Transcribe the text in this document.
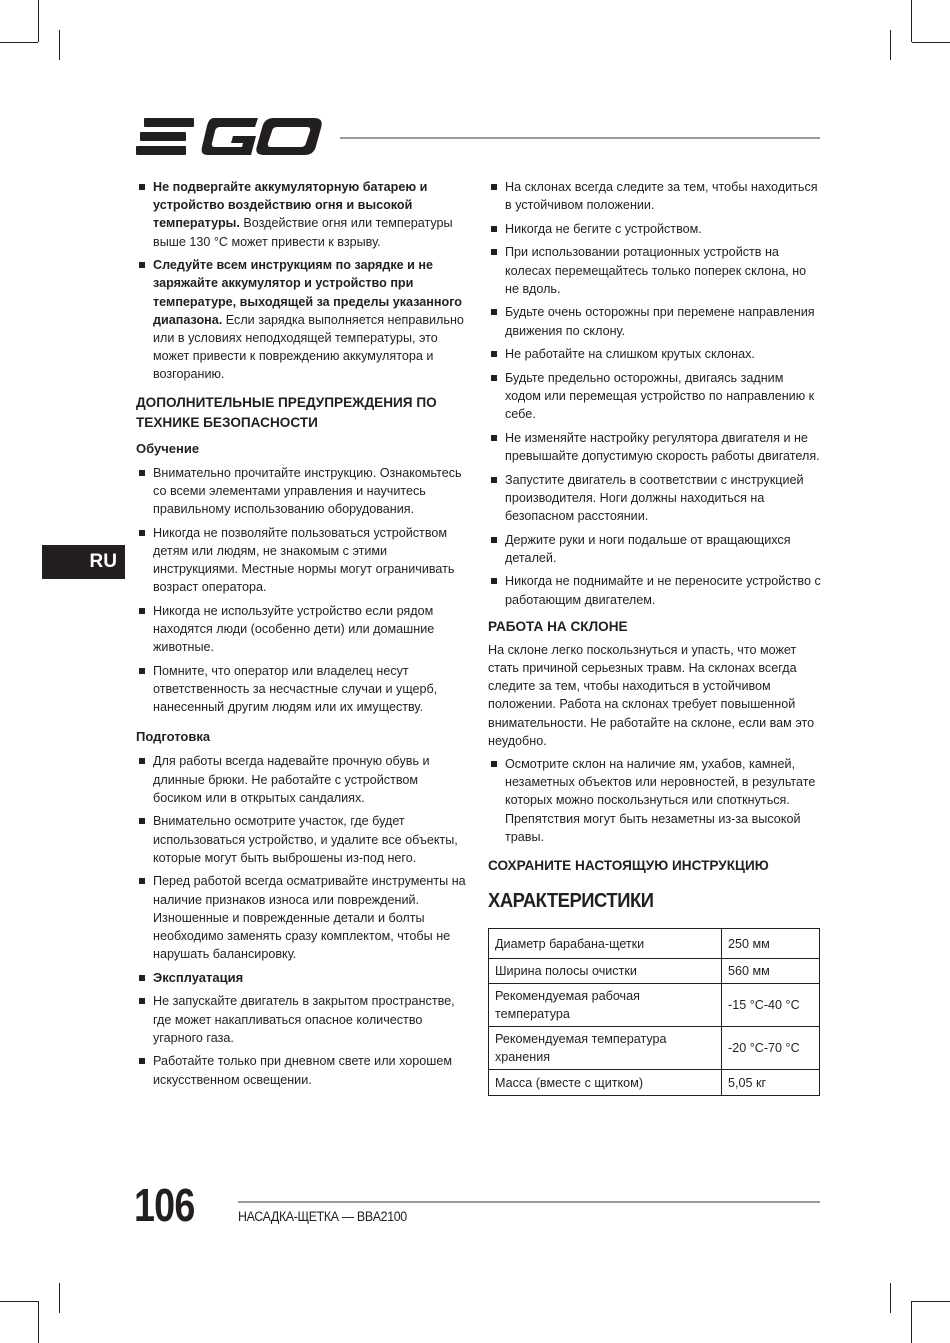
RU
Не подвергайте аккумуляторную батарею и устройство воздействию огня и высокой температуры. Воздействие огня или температуры выше 130 °C может привести к взрыву.
Следуйте всем инструкциям по зарядке и не заряжайте аккумулятор и устройство при температуре, выходящей за пределы указанного диапазона. Если зарядка выполняется неправильно или в условиях неподходящей температуры, это может привести к повреждению аккумулятора и возгоранию.
ДОПОЛНИТЕЛЬНЫЕ ПРЕДУПРЕЖДЕНИЯ ПО ТЕХНИКЕ БЕЗОПАСНОСТИ
Обучение
Внимательно прочитайте инструкцию. Ознакомьтесь со всеми элементами управления и научитесь правильному использованию оборудования.
Никогда не позволяйте пользоваться устройством детям или людям, не знакомым с этими инструкциями. Местные нормы могут ограничивать возраст оператора.
Никогда не используйте устройство если рядом находятся люди (особенно дети) или домашние животные.
Помните, что оператор или владелец несут ответственность за несчастные случаи и ущерб, нанесенный другим людям или их имуществу.
Подготовка
Для работы всегда надевайте прочную обувь и длинные брюки. Не работайте с устройством босиком или в открытых сандалиях.
Внимательно осмотрите участок, где будет использоваться устройство, и удалите все объекты, которые могут быть выброшены из-под него.
Перед работой всегда осматривайте инструменты на наличие признаков износа или повреждений. Изношенные и поврежденные детали и болты необходимо заменять сразу комплектом, чтобы не нарушать балансировку.
Эксплуатация
Не запускайте двигатель в закрытом пространстве, где может накапливаться опасное количество угарного газа.
Работайте только при дневном свете или хорошем искусственном освещении.
На склонах всегда следите за тем, чтобы находиться в устойчивом положении.
Никогда не бегите с устройством.
При использовании ротационных устройств на колесах перемещайтесь только поперек склона, но не вдоль.
Будьте очень осторожны при перемене направления движения по склону.
Не работайте на слишком крутых склонах.
Будьте предельно осторожны, двигаясь задним ходом или перемещая устройство по направлению к себе.
Не изменяйте настройку регулятора двигателя и не превышайте допустимую скорость работы двигателя.
Запустите двигатель в соответствии с инструкцией производителя. Ноги должны находиться на безопасном расстоянии.
Держите руки и ноги подальше от вращающихся деталей.
Никогда не поднимайте и не переносите устройство с работающим двигателем.
РАБОТА НА СКЛОНЕ

На склоне легко поскользнуться и упасть, что может стать причиной серьезных травм. На склонах всегда следите за тем, чтобы находиться в устойчивом положении. Работа на склонах требует повышенной внимательности. Не работайте на склоне, если вам это неудобно.

Осмотрите склон на наличие ям, ухабов, камней, незаметных объектов или неровностей, в результате которых можно поскользнуться или споткнуться. Препятствия могут быть незаметны из-за высокой травы.
СОХРАНИТЕ НАСТОЯЩУЮ ИНСТРУКЦИЮ
ХАРАКТЕРИСТИКИ
Диаметр барабана-щетки	250 мм
Ширина полосы очистки	560 мм
Рекомендуемая рабочая температура	-15 °C-40 °C
Рекомендуемая температура хранения	-20 °C-70 °C
Масса (вместе с щитком)	5,05 кг
106	НАСАДКА-ЩЕТКА — BBA2100
